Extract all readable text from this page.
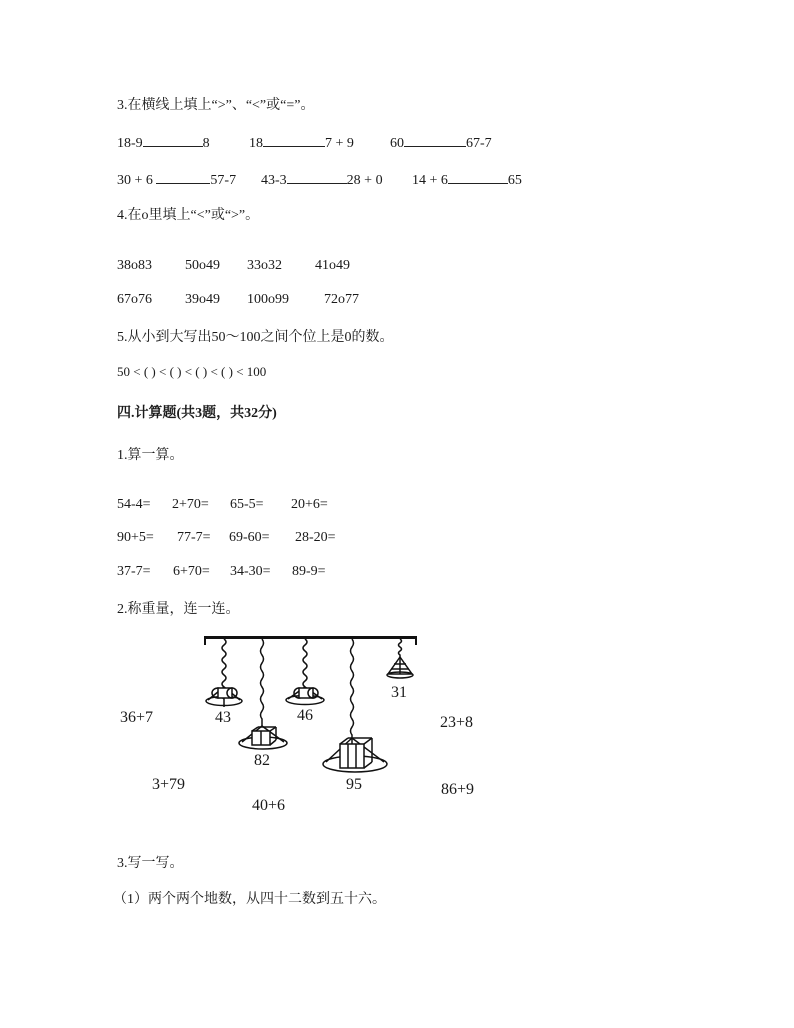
3.在横线上填上“>”、“<”或“=”。
18-9	8	18	7 + 9	60	67-7
30 + 6	57-7	43-3	28 + 0	14 + 6	65
4.在o里填上“<”或“>”。
38o83	50o49	33o32	41o49
67o76	39o49	100o99	72o77
5.从小到大写出50～100之间个位上是0的数。
50 < ( ) < ( ) < ( ) < ( ) < 100
四.计算题(共3题，共32分)
1.算一算。
54-4=	2+70=	65-5=	20+6=
90+5=	77-7=	69-60=	28-20=
37-7=	6+70=	34-30=	89-9=
2.称重量，连一连。
43
82
46
95
31
36+7
3+79
40+6
23+8
86+9
3.写一写。
（1）两个两个地数，从四十二数到五十六。
